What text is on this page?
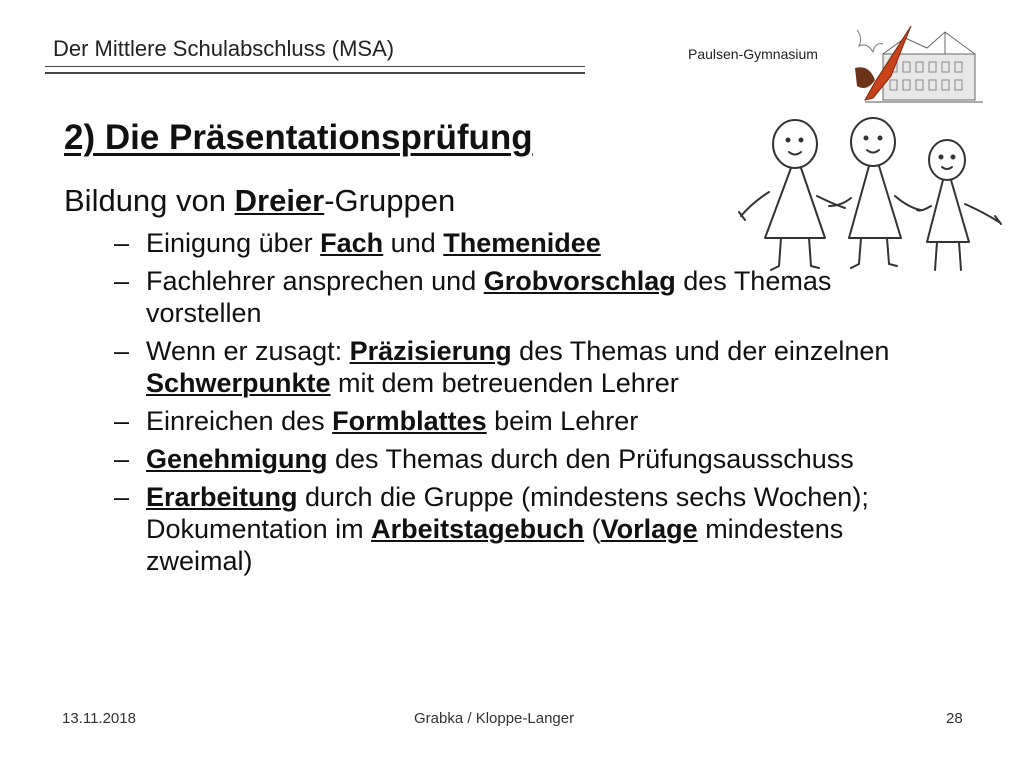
Der Mittlere Schulabschluss (MSA)	Paulsen-Gymnasium
2) Die Präsentationsprüfung
Bildung von Dreier-Gruppen
– Einigung über Fach und Themenidee
– Fachlehrer ansprechen und Grobvorschlag des Themas vorstellen
– Wenn er zusagt: Präzisierung des Themas und der einzelnen Schwerpunkte mit dem betreuenden Lehrer
– Einreichen des Formblattes beim Lehrer
– Genehmigung des Themas durch den Prüfungsausschuss
– Erarbeitung durch die Gruppe (mindestens sechs Wochen); Dokumentation im Arbeitstagebuch (Vorlage mindestens zweimal)
13.11.2018	Grabka / Kloppe-Langer	28
